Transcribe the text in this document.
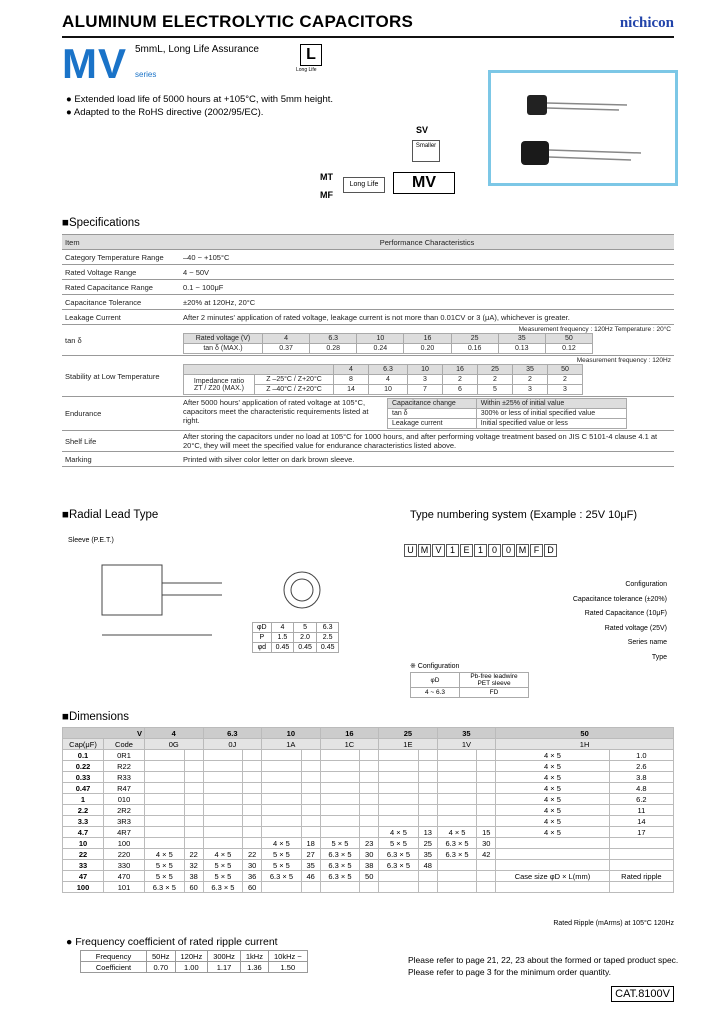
ALUMINUM ELECTROLYTIC CAPACITORS	nichicon
MV 5mmL, Long Life Assurance
series
L
Long Life
● Extended load life of 5000 hours at +105°C, with 5mm height.
● Adapted to the RoHS directive (2002/95/EC).
SV
Smaller
MT
MF
Long Life	MV
■Specifications
Item	Performance Characteristics
Category Temperature Range	–40 ~ +105°C
Rated Voltage Range	4 ~ 50V
Rated Capacitance Range	0.1 ~ 100μF
Capacitance Tolerance	±20% at 120Hz, 20°C
Leakage Current	After 2 minutes' application of rated voltage, leakage current is not more than 0.01CV or 3 (μA), whichever is greater.
tan δ	
Measurement frequency : 120Hz Temperature : 20°C
Rated voltage (V)	4	6.3	10	16	25	35	50
tan δ (MAX.)	0.37	0.28	0.24	0.20	0.16	0.13	0.12

Stability at Low Temperature	
Measurement frequency : 120Hz
	4	6.3	10	16	25	35	50
Impedance ratio
ZT / Z20 (MAX.)	Z –25°C / Z+20°C	8	4	3	2	2	2	2
Z –40°C / Z+20°C	14	10	7	6	5	3	3

Endurance	
After 5000 hours' application of rated voltage at 105°C, capacitors meet the characteristic requirements listed at right.
Capacitance change	Within ±25% of initial value
tan δ	300% or less of initial specified value
Leakage current	Initial specified value or less

Shelf Life	After storing the capacitors under no load at 105°C for 1000 hours, and after performing voltage treatment based on JIS C 5101-4 clause 4.1 at 20°C, they will meet the specified value for endurance characteristics listed above.
Marking	Printed with silver color letter on dark brown sleeve.
■Radial Lead Type
Sleeve (P.E.T.)
φD	4	5	6.3
P	1.5	2.0	2.5
φd	0.45	0.45	0.45
Type numbering system (Example : 25V 10μF)
U M V 1 E 1 0 0 M F D
Configuration
Capacitance tolerance (±20%)
Rated Capacitance (10μF)
Rated voltage (25V)
Series name
Type
※ Configuration
φD	Pb-free leadwire PET sleeve
4 ~ 6.3	FD
■Dimensions
V		4		6.3		10		16		25		35		50	
Cap(μF)	Code	0G		0J		1A		1C		1E		1V		1H	
0.1	0R1													4 × 5	1.0
0.22	R22													4 × 5	2.6
0.33	R33													4 × 5	3.8
0.47	R47													4 × 5	4.8
1	010													4 × 5	6.2
2.2	2R2													4 × 5	11
3.3	3R3													4 × 5	14
4.7	4R7									4 × 5	13	4 × 5	15	4 × 5	17
10	100					4 × 5	18	5 × 5	23	5 × 5	25	6.3 × 5	30		
22	220	4 × 5	22	4 × 5	22	5 × 5	27	6.3 × 5	30	6.3 × 5	35	6.3 × 5	42		
33	330	5 × 5	32	5 × 5	30	5 × 5	35	6.3 × 5	38	6.3 × 5	48				
47	470	5 × 5	38	5 × 5	36	6.3 × 5	46	6.3 × 5	50					Case size φD × L(mm)	Rated ripple
100	101	6.3 × 5	60	6.3 × 5	60										
Rated Ripple (mArms) at 105°C 120Hz
● Frequency coefficient of rated ripple current
Frequency	50Hz	120Hz	300Hz	1kHz	10kHz ~
Coefficient	0.70	1.00	1.17	1.36	1.50
Please refer to page 21, 22, 23 about the formed or taped product spec.
Please refer to page 3 for the minimum order quantity.
CAT.8100V
